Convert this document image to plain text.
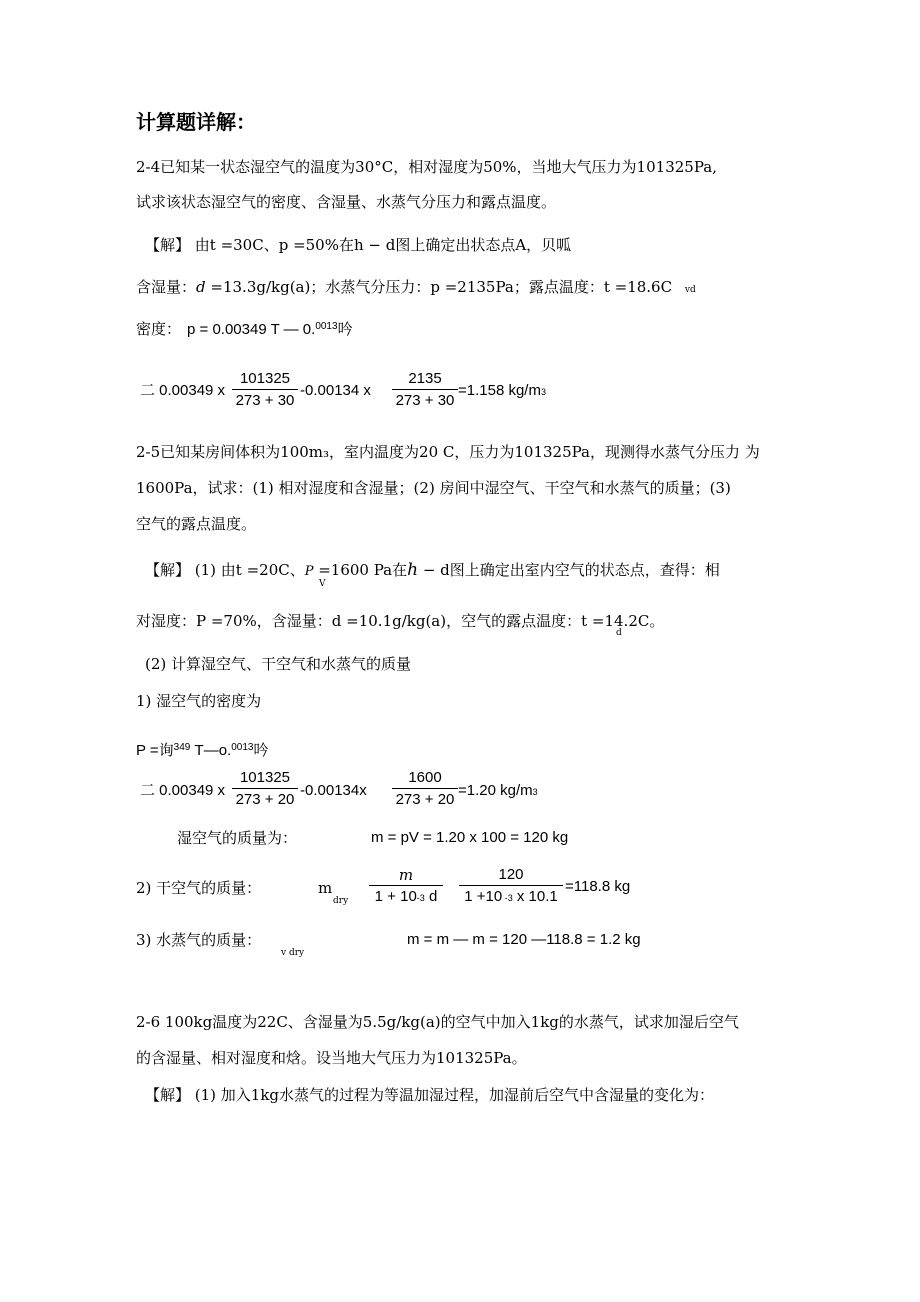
计算题详解：
2-4已知某一状态湿空气的温度为30°C，相对湿度为50%，当地大气压力为101325Pa,
试求该状态湿空气的密度、含湿量、水蒸气分压力和露点温度。
【解】 由t =30C、p =50%在h − d图上确定出状态点A，贝呱
含湿量：d =13.3g/kg(a)；水蒸气分压力：p =2135Pa；露点温度：t =18.6C vd
密度： p = 0.00349 T — 0.$^{0013}$吟
二 0.00349 x
101325
273 + 30
-0.00134 x
2135
273 + 30
=1.158 kg/m3
2-5已知某房间体积为100m₃，室内温度为20 C，压力为101325Pa，现测得水蒸气分压力 为
1600Pa，试求：(1) 相对湿度和含湿量；(2) 房间中湿空气、干空气和水蒸气的质量；(3)
空气的露点温度。
【解】 (1) 由t =20C、P =1600 Pa在h − d图上确定出室内空气的状态点，查得：相
V
对湿度：P =70%，含湿量：d =10.1g/kg(a)，空气的露点温度：t =14.2C。
d
(2) 计算湿空气、干空气和水蒸气的质量
1) 湿空气的密度为
P =询$^{349}$ T—o.$^{0013}$吟
二 0.00349 x
101325
273 + 20
-0.00134x
1600
273 + 20
=1.20 kg/m3
湿空气的质量为：	m = pV = 1.20 x 100 = 120 kg
2) 干空气的质量：	m
dry
m
1 + 10-3 d
120
1 +10 -3 x 10.1
=118.8 kg
3) 水蒸气的质量：
v dry
m = m — m = 120 —118.8 = 1.2 kg
2-6 100kg温度为22C、含湿量为5.5g/kg(a)的空气中加入1kg的水蒸气，试求加湿后空气
的含湿量、相对湿度和焓。设当地大气压力为101325Pa。
【解】 (1) 加入1kg水蒸气的过程为等温加湿过程，加湿前后空气中含湿量的变化为：
